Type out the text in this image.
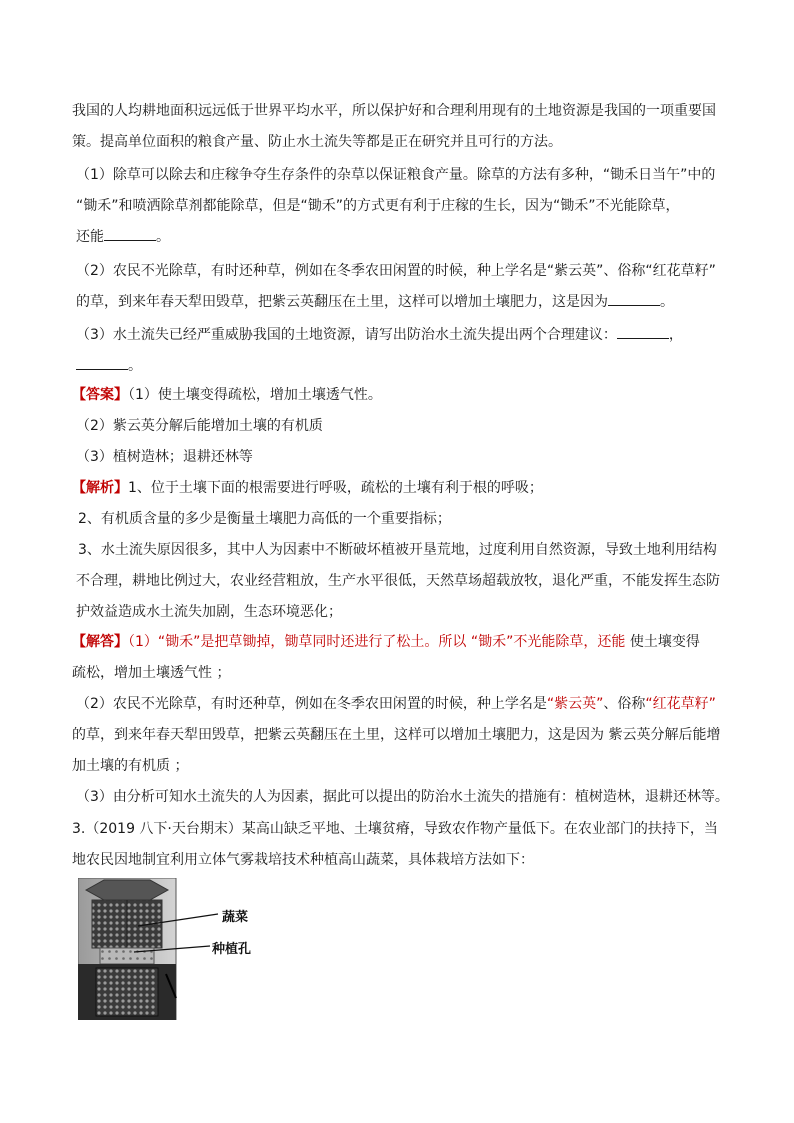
我国的人均耕地面积远远低于世界平均水平，所以保护好和合理利用现有的土地资源是我国的一项重要国
策。提高单位面积的粮食产量、防止水土流失等都是正在研究并且可行的方法。

（1）除草可以除去和庄稼争夺生存条件的杂草以保证粮食产量。除草的方法有多种，“锄禾日当午”中的
“锄禾”和喷洒除草剂都能除草，但是“锄禾”的方式更有利于庄稼的生长，因为“锄禾”不光能除草，
还能	。

（2）农民不光除草，有时还种草，例如在冬季农田闲置的时候，种上学名是“紫云英”、俗称“红花草籽”
的草，到来年春天犁田毁草，把紫云英翻压在土里，这样可以增加土壤肥力，这是因为	。

（3）水土流失已经严重威胁我国的土地资源，请写出防治水土流失提出两个合理建议：	，
。

【答案】（1）使土壤变得疏松，增加土壤透气性。
（2）紫云英分解后能增加土壤的有机质
（3）植树造林；退耕还林等

【解析】1、位于土壤下面的根需要进行呼吸，疏松的土壤有利于根的呼吸；
2、有机质含量的多少是衡量土壤肥力高低的一个重要指标；
3、水土流失原因很多，其中人为因素中不断破坏植被开垦荒地，过度利用自然资源，导致土地利用结构
不合理，耕地比例过大，农业经营粗放，生产水平很低，天然草场超载放牧，退化严重，不能发挥生态防
护效益造成水土流失加剧，生态环境恶化；

【解答】（1）“锄禾”是把草锄掉，锄草同时还进行了松土。所以 “锄禾”不光能除草，还能 使土壤变得
疏松，增加土壤透气性 ；
（2）农民不光除草，有时还种草，例如在冬季农田闲置的时候，种上学名是“紫云英”、俗称“红花草籽”
的草，到来年春天犁田毁草，把紫云英翻压在土里，这样可以增加土壤肥力，这是因为 紫云英分解后能增
加土壤的有机质 ；
（3）由分析可知水土流失的人为因素，据此可以提出的防治水土流失的措施有：植树造林，退耕还林等。

3.（2019 八下·天台期末）某高山缺乏平地、土壤贫瘠，导致农作物产量低下。在农业部门的扶持下，当
地农民因地制宜利用立体气雾栽培技术种植高山蔬菜，具体栽培方法如下：

蔬菜
种植孔
